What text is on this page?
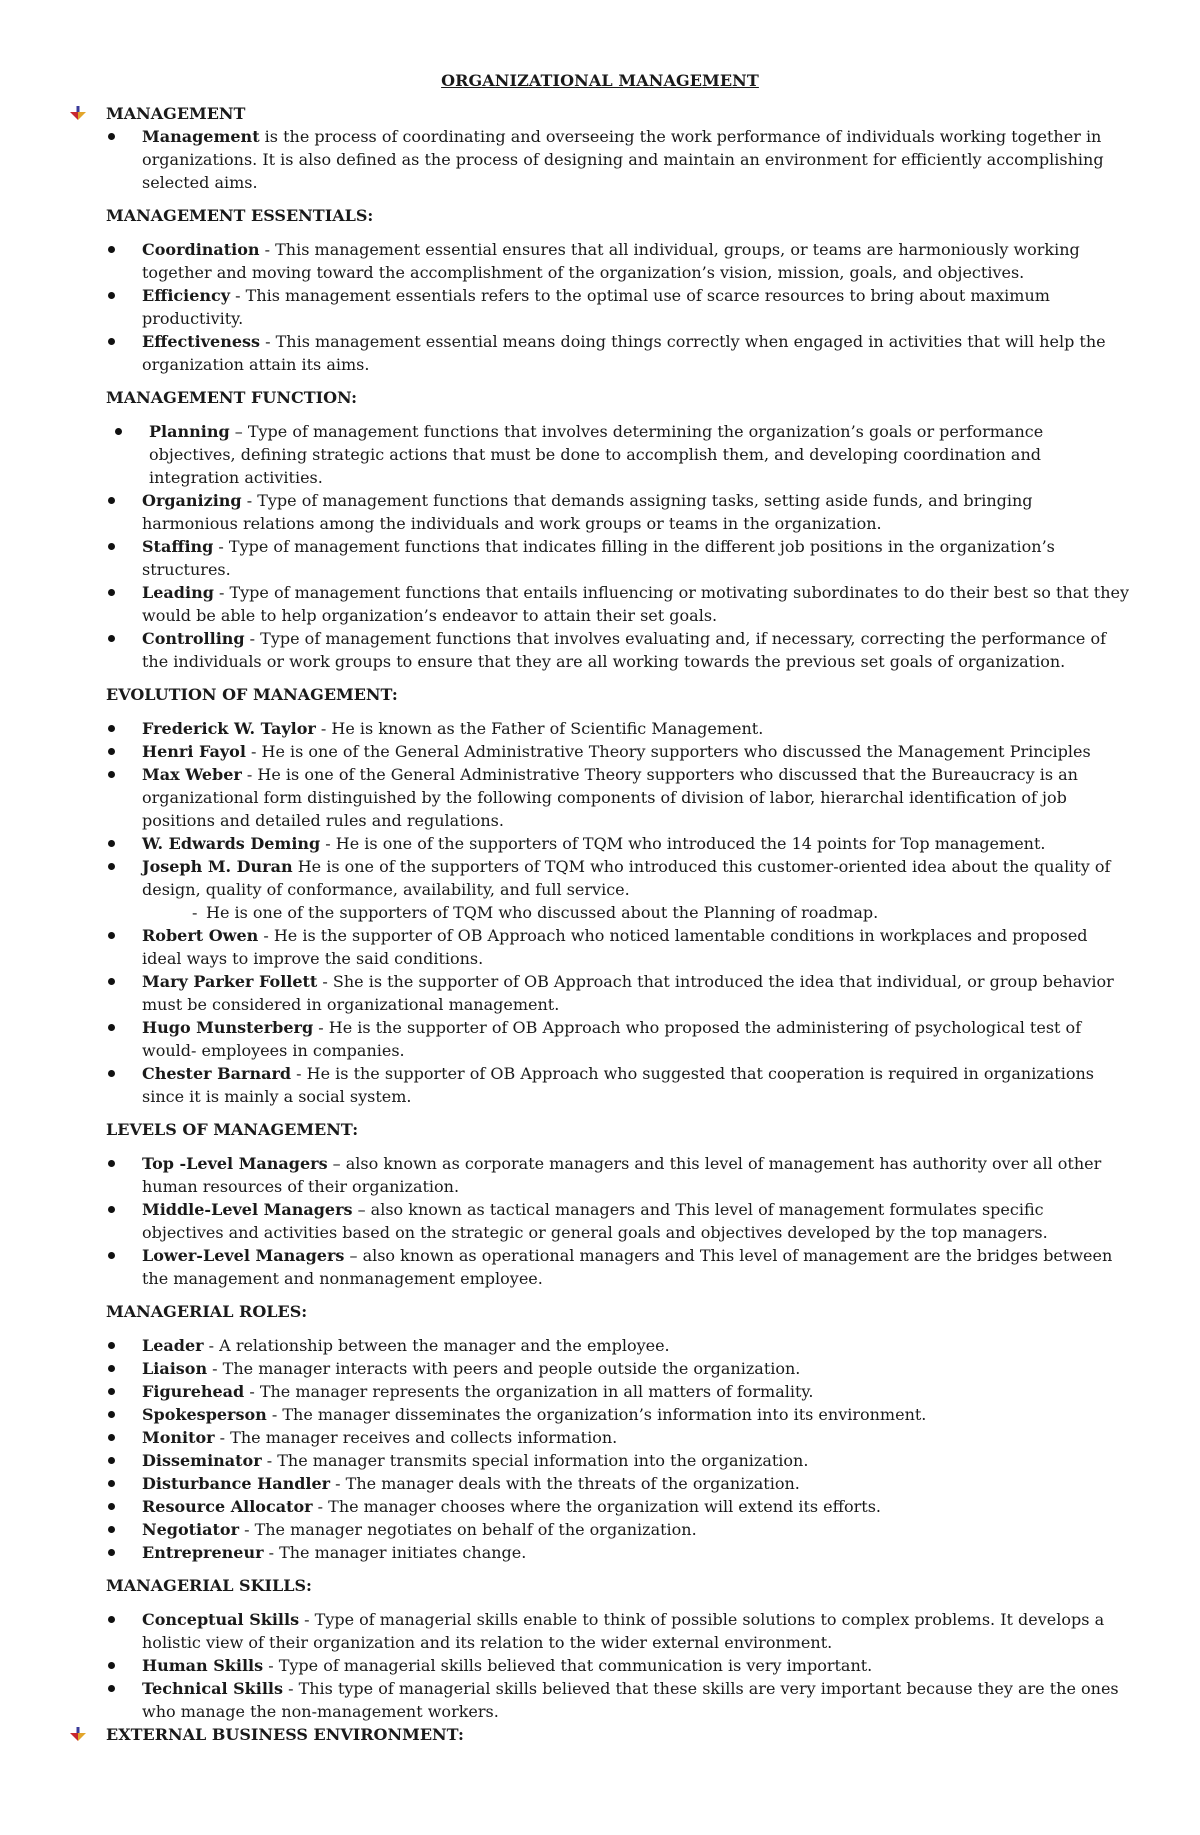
ORGANIZATIONAL MANAGEMENT
MANAGEMENT
Management is the process of coordinating and overseeing the work performance of individuals working together in organizations. It is also defined as the process of designing and maintain an environment for efficiently accomplishing selected aims.
MANAGEMENT ESSENTIALS:
Coordination - This management essential ensures that all individual, groups, or teams are harmoniously working together and moving toward the accomplishment of the organization’s vision, mission, goals, and objectives.
Efficiency - This management essentials refers to the optimal use of scarce resources to bring about maximum productivity.
Effectiveness - This management essential means doing things correctly when engaged in activities that will help the organization attain its aims.
MANAGEMENT FUNCTION:
Planning – Type of management functions that involves determining the organization’s goals or performance objectives, defining strategic actions that must be done to accomplish them, and developing coordination and integration activities.
Organizing - Type of management functions that demands assigning tasks, setting aside funds, and bringing harmonious relations among the individuals and work groups or teams in the organization.
Staffing - Type of management functions that indicates filling in the different job positions in the organization’s structures.
Leading - Type of management functions that entails influencing or motivating subordinates to do their best so that they would be able to help organization’s endeavor to attain their set goals.
Controlling - Type of management functions that involves evaluating and, if necessary, correcting the performance of the individuals or work groups to ensure that they are all working towards the previous set goals of organization.
EVOLUTION OF MANAGEMENT:
Frederick W. Taylor - He is known as the Father of Scientific Management.
Henri Fayol - He is one of the General Administrative Theory supporters who discussed the Management Principles
Max Weber - He is one of the General Administrative Theory supporters who discussed that the Bureaucracy is an organizational form distinguished by the following components of division of labor, hierarchal identification of job positions and detailed rules and regulations.
W. Edwards Deming - He is one of the supporters of TQM who introduced the 14 points for Top management.
Joseph M. Duran He is one of the supporters of TQM who introduced this customer-oriented idea about the quality of design, quality of conformance, availability, and full service.
- He is one of the supporters of TQM who discussed about the Planning of roadmap.
Robert Owen - He is the supporter of OB Approach who noticed lamentable conditions in workplaces and proposed ideal ways to improve the said conditions.
Mary Parker Follett - She is the supporter of OB Approach that introduced the idea that individual, or group behavior must be considered in organizational management.
Hugo Munsterberg - He is the supporter of OB Approach who proposed the administering of psychological test of would- employees in companies.
Chester Barnard - He is the supporter of OB Approach who suggested that cooperation is required in organizations since it is mainly a social system.
LEVELS OF MANAGEMENT:
Top -Level Managers – also known as corporate managers and this level of management has authority over all other human resources of their organization.
Middle-Level Managers – also known as tactical managers and This level of management formulates specific objectives and activities based on the strategic or general goals and objectives developed by the top managers.
Lower-Level Managers – also known as operational managers and This level of management are the bridges between the management and nonmanagement employee.
MANAGERIAL ROLES:
Leader - A relationship between the manager and the employee.
Liaison - The manager interacts with peers and people outside the organization.
Figurehead - The manager represents the organization in all matters of formality.
Spokesperson - The manager disseminates the organization’s information into its environment.
Monitor - The manager receives and collects information.
Disseminator - The manager transmits special information into the organization.
Disturbance Handler - The manager deals with the threats of the organization.
Resource Allocator - The manager chooses where the organization will extend its efforts.
Negotiator - The manager negotiates on behalf of the organization.
Entrepreneur - The manager initiates change.
MANAGERIAL SKILLS:
Conceptual Skills - Type of managerial skills enable to think of possible solutions to complex problems. It develops a holistic view of their organization and its relation to the wider external environment.
Human Skills - Type of managerial skills believed that communication is very important.
Technical Skills - This type of managerial skills believed that these skills are very important because they are the ones who manage the non-management workers.
EXTERNAL BUSINESS ENVIRONMENT:
